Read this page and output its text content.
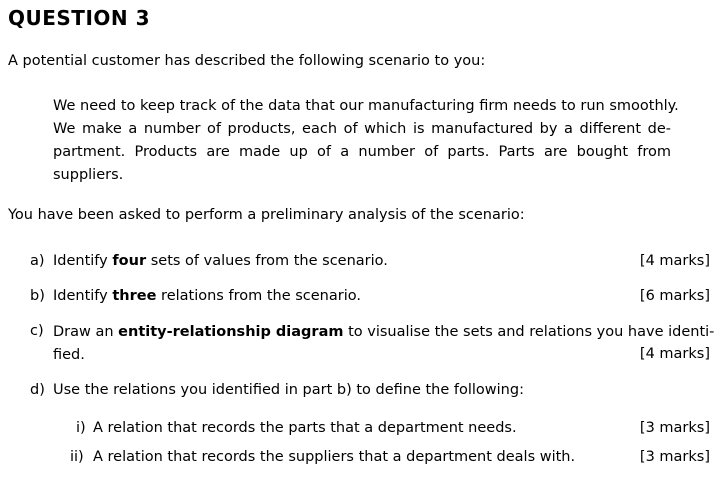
QUESTION 3
A potential customer has described the following scenario to you:
We need to keep track of the data that our manufacturing firm needs to run smoothly.
We make a number of products, each of which is manufactured by a different de-
partment. Products are made up of a number of parts. Parts are bought from
suppliers.
You have been asked to perform a preliminary analysis of the scenario:
a) Identify four sets of values from the scenario.	[4 marks]
b) Identify three relations from the scenario.	[6 marks]
c) Draw an entity-relationship diagram to visualise the sets and relations you have identi-
fied.	[4 marks]
d) Use the relations you identified in part b) to define the following:
i) A relation that records the parts that a department needs.	[3 marks]
ii) A relation that records the suppliers that a department deals with.	[3 marks]
